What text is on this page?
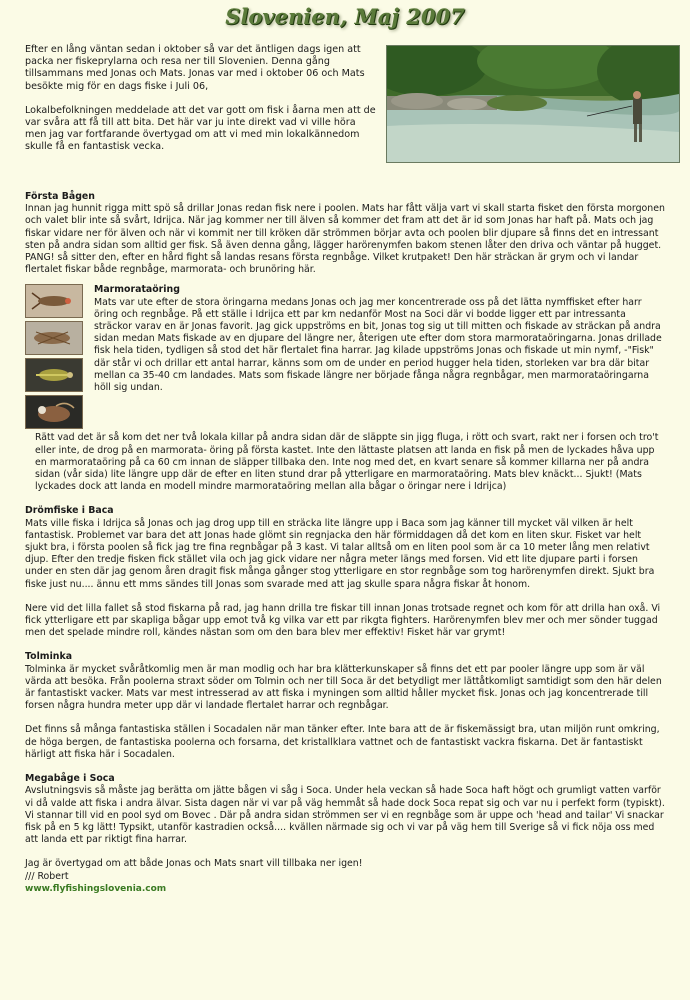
Slovenien, Maj 2007

Efter en lång väntan sedan i oktober så var det äntligen dags igen att packa ner fiskeprylarna och resa ner till Slovenien. Denna gång tillsammans med Jonas och Mats. Jonas var med i oktober 06 och Mats besökte mig för en dags fiske i Juli 06,

Lokalbefolkningen meddelade att det var gott om fisk i åarna men att de var svåra att få till att bita. Det här var ju inte direkt vad vi ville höra men jag var fortfarande övertygad om att vi med min lokalkännedom skulle få en fantastisk vecka.

Första Bågen

Innan jag hunnit rigga mitt spö så drillar Jonas redan fisk nere i poolen. Mats har fått välja vart vi skall starta fisket den första morgonen och valet blir inte så svårt, Idrijca. När jag kommer ner till älven så kommer det fram att det är id som Jonas har haft på. Mats och jag fiskar vidare ner för älven och när vi kommit ner till kröken där strömmen börjar avta och poolen blir djupare så finns det en intressant sten på andra sidan som alltid ger fisk. Så även denna gång, lägger harörenymfen bakom stenen låter den driva och väntar på hugget. PANG! så sitter den, efter en hård fight så landas resans första regnbåge. Vilket krutpaket! Den här sträckan är grym och vi landar flertalet fiskar både regnbåge, marmorata- och brunöring här.

Marmorataöring

Mats var ute efter de stora öringarna medans Jonas och jag mer koncentrerade oss på det lätta nymffisket efter harr öring och regnbåge. På ett ställe i Idrijca ett par km nedanför Most na Soci där vi bodde ligger ett par intressanta sträckor varav en är Jonas favorit. Jag gick uppströms en bit, Jonas tog sig ut till mitten och fiskade av sträckan på andra sidan medan Mats fiskade av en djupare del längre ner, återigen ute efter dom stora marmorataöringarna. Jonas drillade fisk hela tiden, tydligen så stod det här flertalet fina harrar. Jag kilade uppströms Jonas och fiskade ut min nymf, -"Fisk" där står vi och drillar ett antal harrar, känns som om de under en period hugger hela tiden, storleken var bra där bitar mellan ca 35-40 cm landades. Mats som fiskade längre ner började fånga några regnbågar, men marmorataöringarna höll sig undan.

Rätt vad det är så kom det ner två lokala killar på andra sidan där de släppte sin jigg fluga, i rött och svart, rakt ner i forsen och tro't eller inte, de drog på en marmorata- öring på första kastet. Inte den lättaste platsen att landa en fisk på men de lyckades håva upp en marmorataöring på ca 60 cm innan de släpper tillbaka den. Inte nog med det, en kvart senare så kommer killarna ner på andra sidan (vår sida) lite längre upp där de efter en liten stund drar på ytterligare en marmorataöring. Mats blev knäckt... Sjukt! (Mats lyckades dock att landa en modell mindre marmorataöring mellan alla bågar o öringar nere i Idrijca)

Drömfiske i Baca

Mats ville fiska i Idrijca så Jonas och jag drog upp till en sträcka lite längre upp i Baca som jag känner till mycket väl vilken är helt fantastisk. Problemet var bara det att Jonas hade glömt sin regnjacka den här förmiddagen då det kom en liten skur. Fisket var helt sjukt bra, i första poolen så fick jag tre fina regnbågar på 3 kast. Vi talar alltså om en liten pool som är ca 10 meter lång men relativt djup. Efter den tredje fisken fick stället vila och jag gick vidare ner några meter längs med forsen. Vid ett lite djupare parti i forsen under en sten där jag genom åren dragit fisk många gånger stog ytterligare en stor regnbåge som tog harörenymfen direkt. Sjukt bra fiske just nu.... ännu ett mms sändes till Jonas som svarade med att jag skulle spara några fiskar åt honom.

Nere vid det lilla fallet så stod fiskarna på rad, jag hann drilla tre fiskar till innan Jonas trotsade regnet och kom för att drilla han oxå. Vi fick ytterligare ett par skapliga bågar upp emot två kg vilka var ett par rikgta fighters. Harörenymfen blev mer och mer sönder tuggad men det spelade mindre roll, kändes nästan som om den bara blev mer effektiv! Fisket här var grymt!

Tolminka

Tolminka är mycket svåråtkomlig men är man modlig och har bra klätterkunskaper så finns det ett par pooler längre upp som är väl värda att besöka. Från poolerna straxt söder om Tolmin och ner till Soca är det betydligt mer lättåtkomligt samtidigt som den här delen är fantastiskt vacker. Mats var mest intresserad av att fiska i myningen som alltid håller mycket fisk. Jonas och jag koncentrerade till forsen några hundra meter upp där vi landade flertalet harrar och regnbågar.

Det finns så många fantastiska ställen i Socadalen när man tänker efter. Inte bara att de är fiskemässigt bra, utan miljön runt omkring, de höga bergen, de fantastiska poolerna och forsarna, det kristallklara vattnet och de fantastiskt vackra fiskarna. Det är fantastiskt härligt att fiska här i Socadalen.

Megabåge i Soca

Avslutningsvis så måste jag berätta om jätte bågen vi såg i Soca. Under hela veckan så hade Soca haft högt och grumligt vatten varför vi då valde att fiska i andra älvar. Sista dagen när vi var på väg hemmåt så hade dock Soca repat sig och var nu i perfekt form (typiskt). Vi stannar till vid en pool syd om Bovec . Där på andra sidan strömmen ser vi en regnbåge som är uppe och 'head and tailar' Vi snackar fisk på en 5 kg lätt! Typsikt, utanför kastradien också.... kvällen närmade sig och vi var på väg hem till Sverige så vi fick nöja oss med att landa ett par riktigt fina harrar.

Jag är övertygad om att både Jonas och Mats snart vill tillbaka ner igen!

/// Robert

www.flyfishingslovenia.com
